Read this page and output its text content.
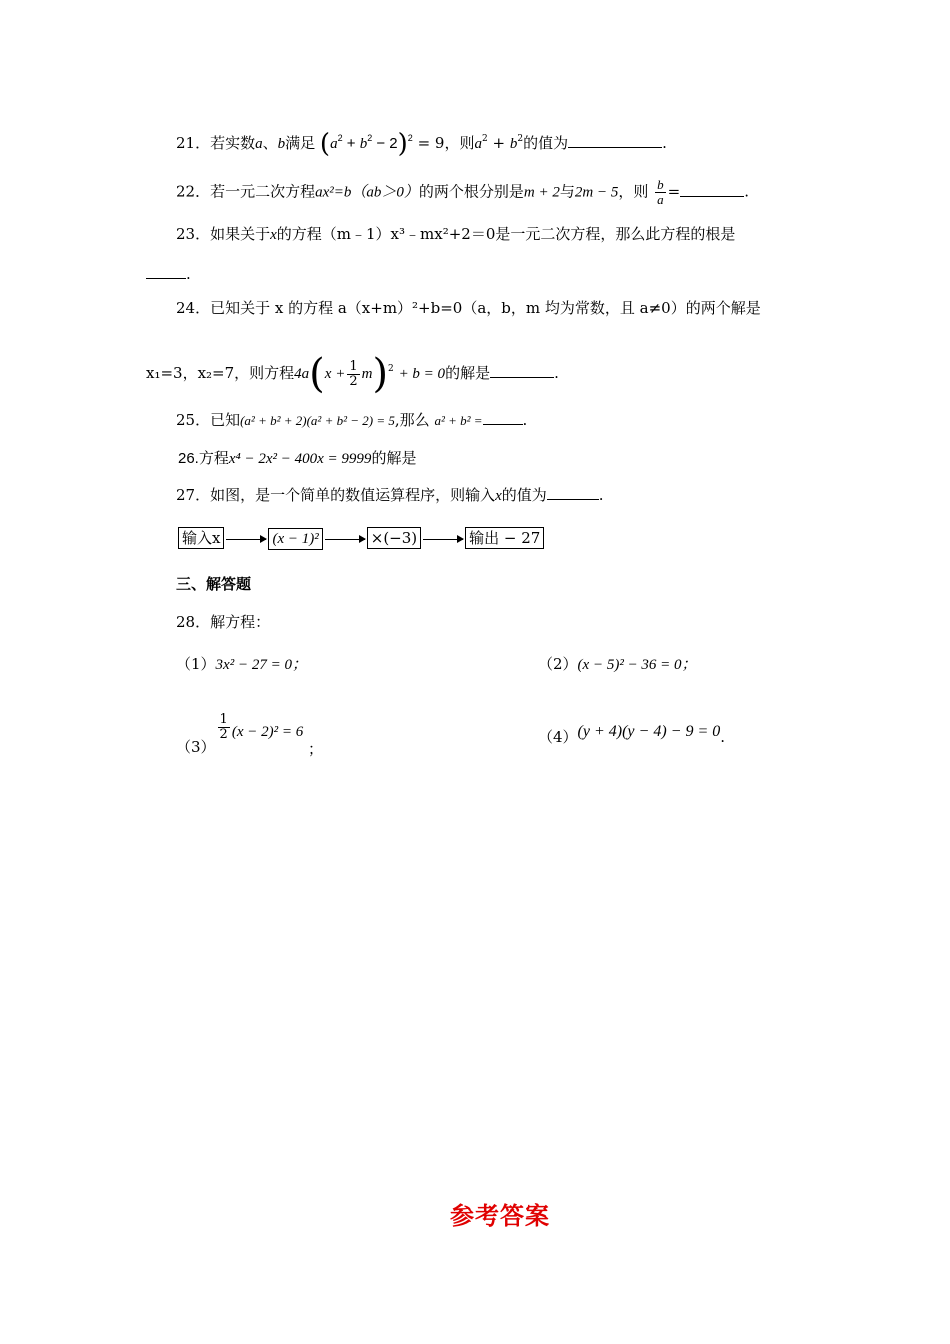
21．若实数a、b满足 $(a^2 + b^2 - 2)^2 = 9$，则$a^2 + b^2$的值为	.
22．若一元二次方程ax²=b（ab＞0）的两个根分别是m + 2与2m − 5，则 $\frac{b}{a}$ =	.
23．如果关于x的方程（m﹣1）x³﹣mx²+2＝0是一元二次方程，那么此方程的根是
.
24．已知关于 x 的方程 a（x+m）²+b=0（a，b，m 均为常数，且 a≠0）的两个解是
x₁=3，x₂=7，则方程$4a(x + \frac{1}{2} m)^2 + b = 0$的解是	.
25．已知(a² + b² + 2)(a² + b² − 2) = 5,那么 a² + b² =	.
26.方程x⁴ − 2x² − 400x = 9999的解是
27．如图，是一个简单的数值运算程序，则输入x的值为	.
输入x	(x − 1)²	×(−3)	输出 − 27
三、解答题
28．解方程：
（1）3x² − 27 = 0；	（2）(x − 5)² − 36 = 0；
（3）
$\frac{1}{2} (x - 2)^2 = 6$ ；
（4）(y + 4)(y − 4) − 9 = 0.
参考答案
